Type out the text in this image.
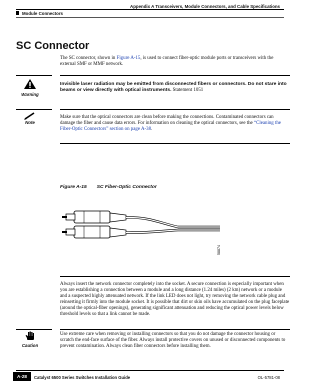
Appendix A Transceivers, Module Connectors, and Cable Specifications
Module Connectors
SC Connector

The SC connector, shown in Figure A-15, is used to connect fiber-optic module ports or transceivers with the external SMF or MMF network.

Warning

Invisible laser radiation may be emitted from disconnected fibers or connectors. Do not stare into beams or view directly with optical instruments. Statement 1051

Note

Make sure that the optical connectors are clean before making the connections. Contaminated connectors can damage the fiber and cause data errors. For information on cleaning the optical connectors, see the “Cleaning the Fiber-Optic Connectors” section on page A-38.

Figure A-15 SC Fiber-Optic Connector
58874

Always insert the network connector completely into the socket. A secure connection is especially important when you are establishing a connection between a module and a long distance (1.24 miles) (2 km) network or a module and a suspected highly attenuated network. If the link LED does not light, try removing the network cable plug and reinserting it firmly into the module socket. It is possible that dirt or skin oils have accumulated on the plug faceplate (around the optical-fiber openings), generating significant attenuation and reducing the optical power levels below threshold levels so that a link cannot be made.

Caution

Use extreme care when removing or installing connectors so that you do not damage the connector housing or scratch the end-face surface of the fiber. Always install protective covers on unused or disconnected components to prevent contamination. Always clean fiber connectors before installing them.

A-28	Catalyst 6500 Series Switches Installation Guide	OL-5781-08
